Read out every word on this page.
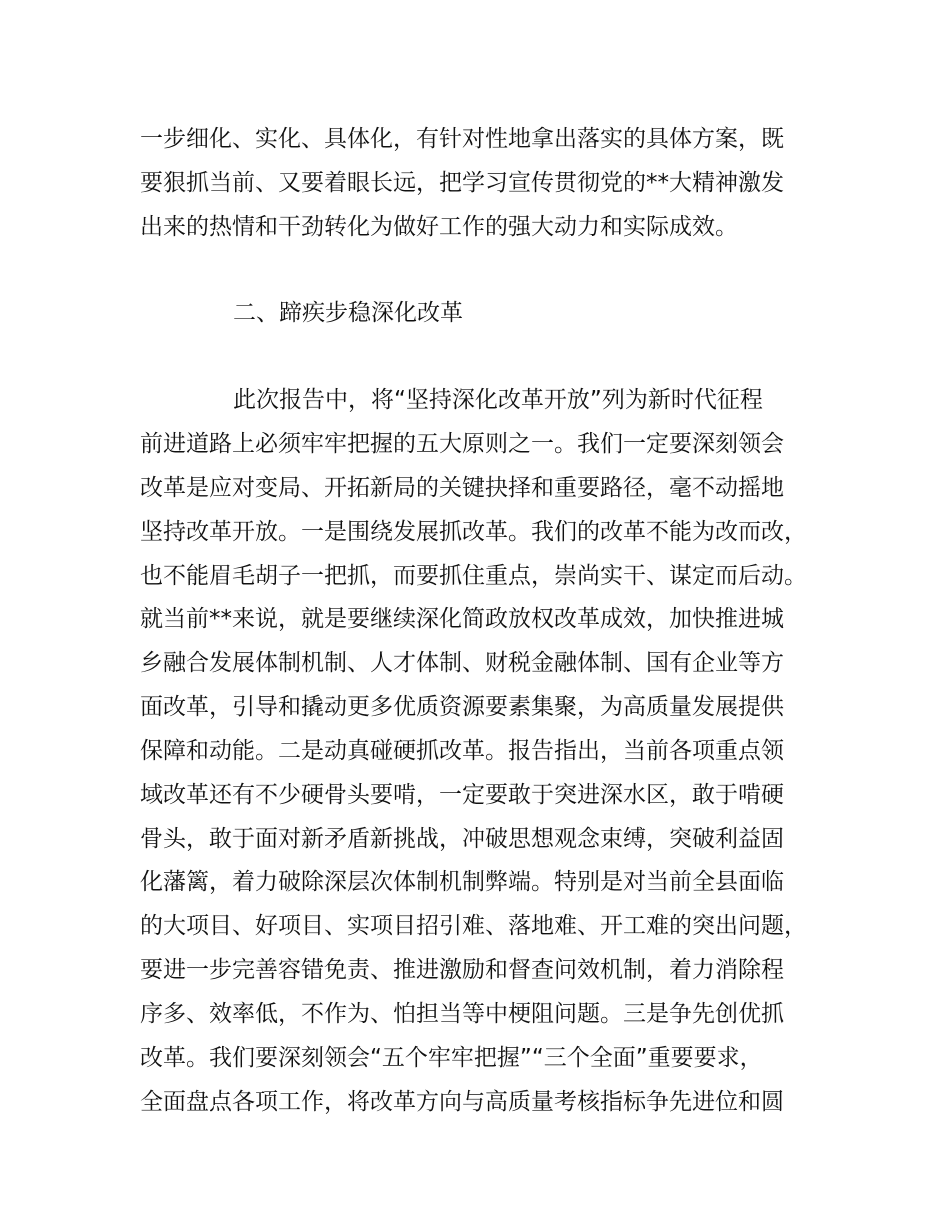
一步细化、实化、具体化，有针对性地拿出落实的具体方案，既
要狠抓当前、又要着眼长远，把学习宣传贯彻党的**大精神激发
出来的热情和干劲转化为做好工作的强大动力和实际成效。
二、蹄疾步稳深化改革
此次报告中，将“坚持深化改革开放”列为新时代征程
前进道路上必须牢牢把握的五大原则之一。我们一定要深刻领会
改革是应对变局、开拓新局的关键抉择和重要路径，毫不动摇地
坚持改革开放。一是围绕发展抓改革。我们的改革不能为改而改，
也不能眉毛胡子一把抓，而要抓住重点，崇尚实干、谋定而后动。
就当前**来说，就是要继续深化简政放权改革成效，加快推进城
乡融合发展体制机制、人才体制、财税金融体制、国有企业等方
面改革，引导和撬动更多优质资源要素集聚，为高质量发展提供
保障和动能。二是动真碰硬抓改革。报告指出，当前各项重点领
域改革还有不少硬骨头要啃，一定要敢于突进深水区，敢于啃硬
骨头，敢于面对新矛盾新挑战，冲破思想观念束缚，突破利益固
化藩篱，着力破除深层次体制机制弊端。特别是对当前全县面临
的大项目、好项目、实项目招引难、落地难、开工难的突出问题，
要进一步完善容错免责、推进激励和督查问效机制，着力消除程
序多、效率低，不作为、怕担当等中梗阻问题。三是争先创优抓
改革。我们要深刻领会“五个牢牢把握”“三个全面”重要要求，
全面盘点各项工作，将改革方向与高质量考核指标争先进位和圆
